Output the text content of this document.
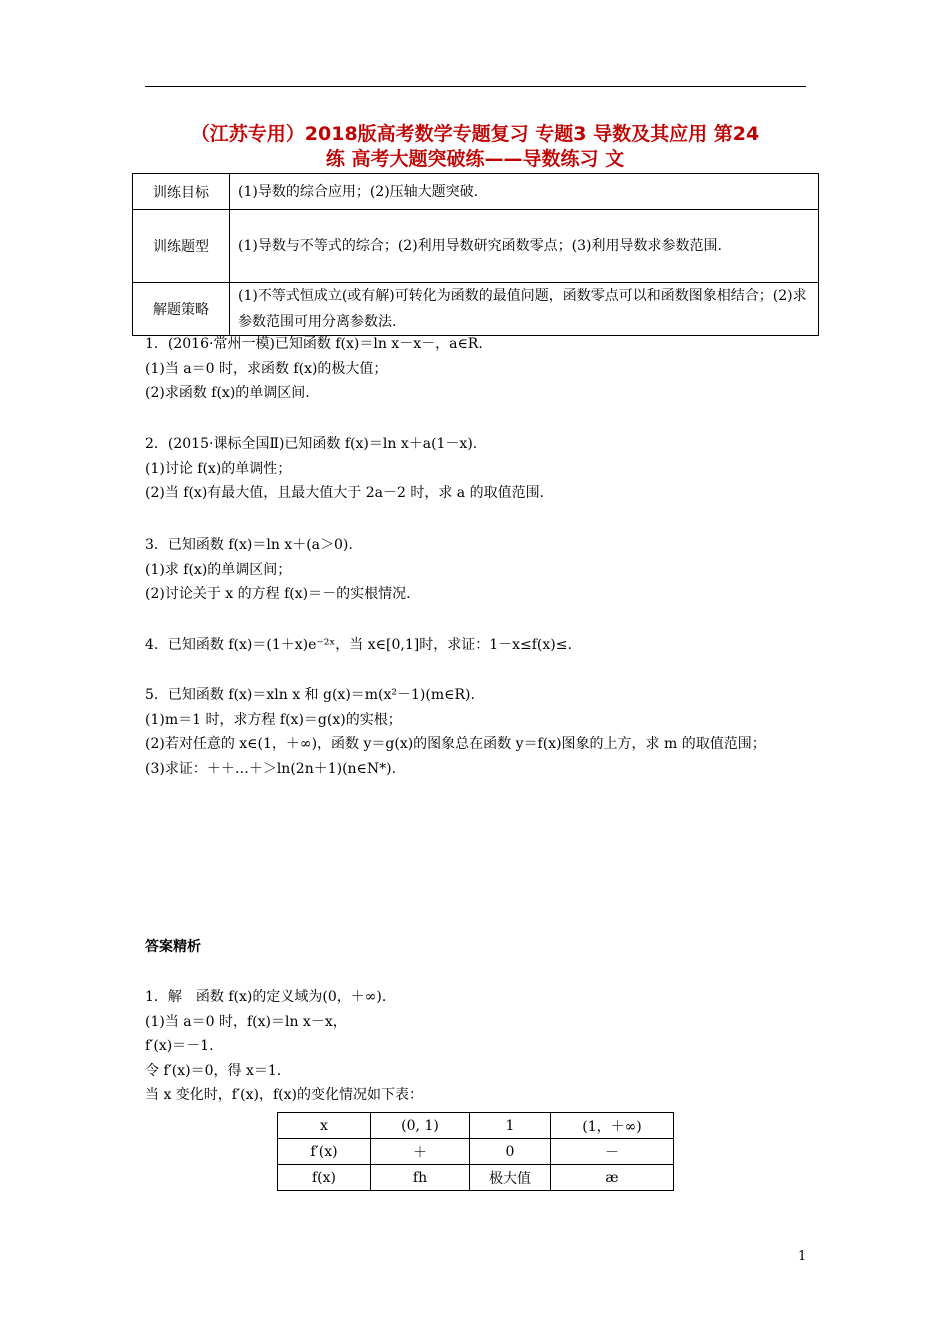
（江苏专用）2018版高考数学专题复习 专题3 导数及其应用 第24
练 高考大题突破练——导数练习 文
训练目标	(1)导数的综合应用；(2)压轴大题突破.
训练题型	(1)导数与不等式的综合；(2)利用导数研究函数零点；(3)利用导数求参数范围.
解题策略	(1)不等式恒成立(或有解)可转化为函数的最值问题，函数零点可以和函数图象相结合；(2)求参数范围可用分离参数法.
1．(2016·常州一模)已知函数 f(x)＝ln x－x－，a∈R.
(1)当 a＝0 时，求函数 f(x)的极大值；
(2)求函数 f(x)的单调区间.
2．(2015·课标全国Ⅱ)已知函数 f(x)＝ln x＋a(1－x).
(1)讨论 f(x)的单调性；
(2)当 f(x)有最大值，且最大值大于 2a－2 时，求 a 的取值范围.
3．已知函数 f(x)＝ln x＋(a＞0).
(1)求 f(x)的单调区间；
(2)讨论关于 x 的方程 f(x)＝－的实根情况.
4．已知函数 f(x)＝(1＋x)e⁻²ˣ，当 x∈[0,1]时，求证：1－x≤f(x)≤.
5．已知函数 f(x)＝xln x 和 g(x)＝m(x²－1)(m∈R).
(1)m＝1 时，求方程 f(x)＝g(x)的实根；
(2)若对任意的 x∈(1，＋∞)，函数 y＝g(x)的图象总在函数 y＝f(x)图象的上方，求 m 的取值范围；
(3)求证：＋＋…＋＞ln(2n＋1)(n∈N*).
答案精析
1．解　函数 f(x)的定义域为(0，＋∞)．
(1)当 a＝0 时，f(x)＝ln x－x，
f′(x)＝－1.
令 f′(x)＝0，得 x＝1.
当 x 变化时，f′(x)，f(x)的变化情况如下表：
x	(0, 1)	1	(1，＋∞)
f′(x)	＋	0	－
f(x)	fh	极大值	æ
1
